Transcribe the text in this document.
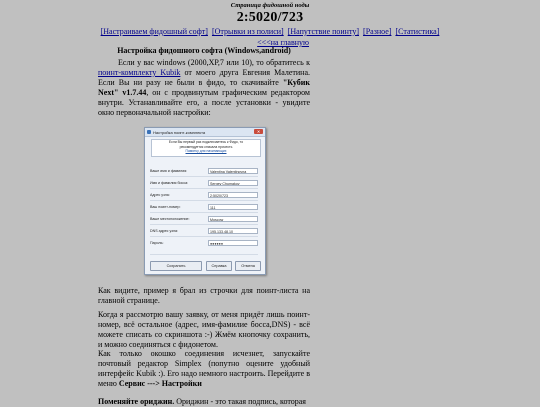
Страница фидошной ноды
2:5020/723
[Настраиваем фидошный софт] [Отрывки из полиси] [Напутствие поинту] [Разное] [Статистика]
<<<на главную
Настройка фидошного софта (Windows,android)
Если у вас windows (2000,XP,7 или 10), то обратитесь к поинт-комплекту Kubik от моего друга Евгения Малетина. Если Вы ни разу не были в фидо, то скачивайте "Кубик Next" v1.7.44, он с продвинутым графическим редактором внутри. Устанавливайте его, а после установки - увидите окно первоначальной настройки:
Настройка поинт-комплекта	✕
Если Вы первый раз подключаетесь к Фидо, то
рекомендуется сначала прочесть
Памятку для начинающих
Ваше имя и фамилия:	Valentina Valentinovna
Имя и фамилия босса:	Sergey Chumakov
Адрес узла:	2:5020/723
Ваш поинт-номер:	111
Ваше местоположение:	Moscow
DNS адрес узла:	195.133.48.10
Пароль:	●●●●●●
Сохранить	Справка	Отмена
Как видите, пример я брал из строчки для поинт-листа на главной странице.
Когда я рассмотрю вашу заявку, от меня придёт лишь поинт-номер, всё остальное (адрес, имя-фамилие босса,DNS) - всё можете списать со скриншота :-) Жмём кнопочку сохранить, и можно соединяться с фидонетом.
Как только окошко соединения исчезнет, запускайте почтовый редактор Simplex (попутно оцените удобный интерфейс Kubik :). Его надо немного настроить. Перейдите в меню Сервис ---> Настройки
Поменяйте ориджин. Ориджин - это такая подпись, которая
